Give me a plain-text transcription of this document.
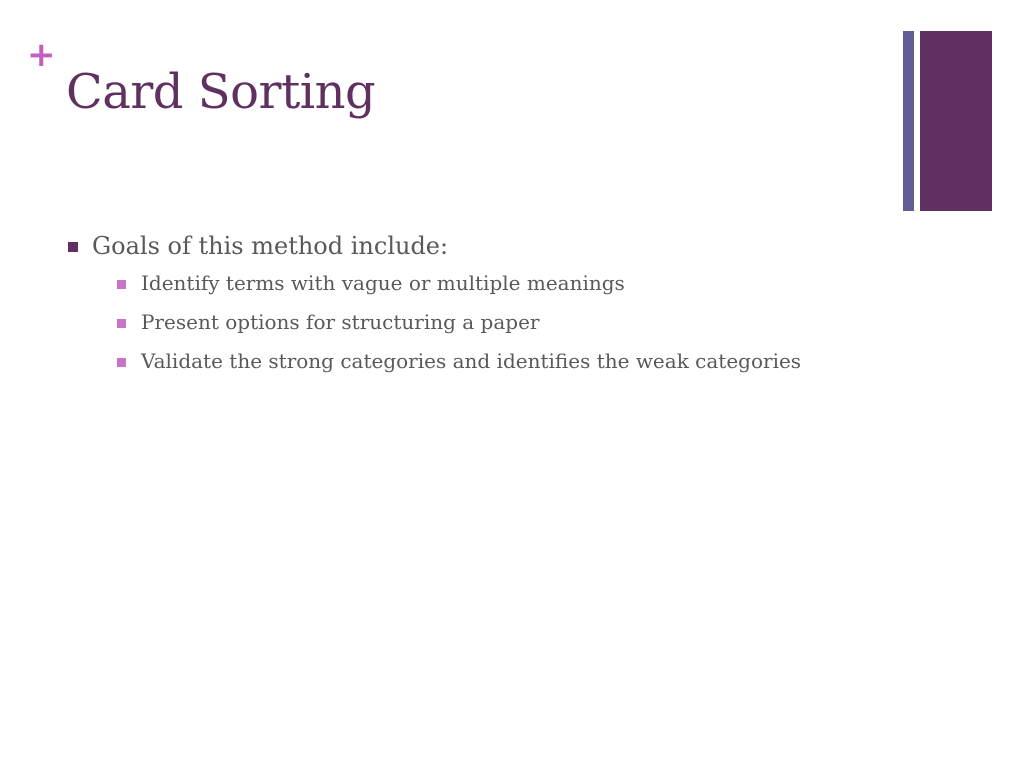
+
Card Sorting
Goals of this method include:
Identify terms with vague or multiple meanings
Present options for structuring a paper
Validate the strong categories and identifies the weak categories
